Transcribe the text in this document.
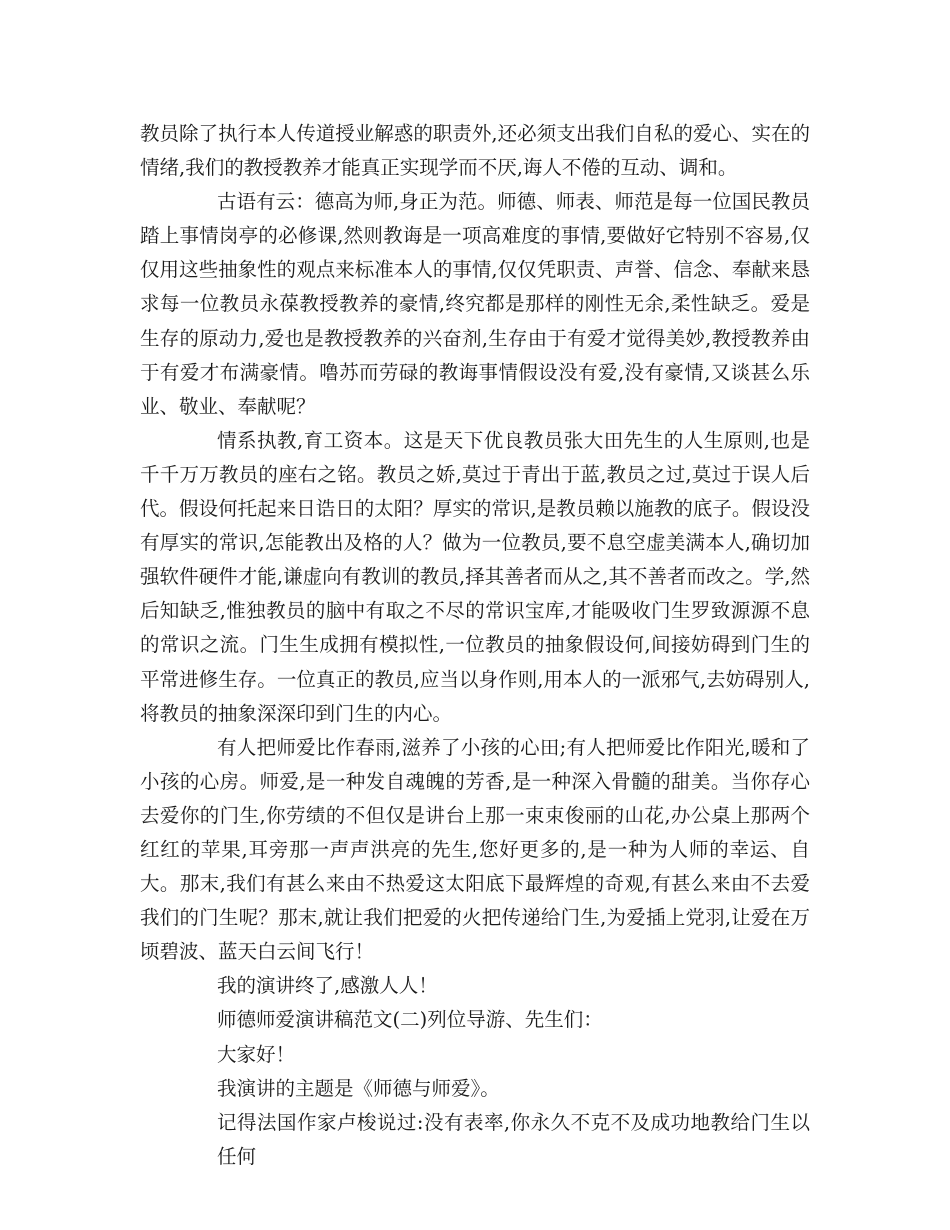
教员除了执行本人传道授业解惑的职责外,还必须支出我们自私的爱心、实在的情绪,我们的教授教养才能真正实现学而不厌,诲人不倦的互动、调和。

古语有云：德高为师,身正为范。师德、师表、师范是每一位国民教员踏上事情岗亭的必修课,然则教诲是一项高难度的事情,要做好它特别不容易,仅仅用这些抽象性的观点来标准本人的事情,仅仅凭职责、声誉、信念、奉献来恳求每一位教员永葆教授教养的豪情,终究都是那样的刚性无余,柔性缺乏。爱是生存的原动力,爱也是教授教养的兴奋剂,生存由于有爱才觉得美妙,教授教养由于有爱才布满豪情。噜苏而劳碌的教诲事情假设没有爱,没有豪情,又谈甚么乐业、敬业、奉献呢？

情系执教,育工资本。这是天下优良教员张大田先生的人生原则,也是千千万万教员的座右之铭。教员之娇,莫过于青出于蓝,教员之过,莫过于误人后代。假设何托起来日诰日的太阳？厚实的常识,是教员赖以施教的底子。假设没有厚实的常识,怎能教出及格的人？做为一位教员,要不息空虚美满本人,确切加强软件硬件才能,谦虚向有教训的教员,择其善者而从之,其不善者而改之。学,然后知缺乏,惟独教员的脑中有取之不尽的常识宝库,才能吸收门生罗致源源不息的常识之流。门生生成拥有模拟性,一位教员的抽象假设何,间接妨碍到门生的平常进修生存。一位真正的教员,应当以身作则,用本人的一派邪气,去妨碍别人,将教员的抽象深深印到门生的内心。

有人把师爱比作春雨,滋养了小孩的心田;有人把师爱比作阳光,暖和了小孩的心房。师爱,是一种发自魂魄的芳香,是一种深入骨髓的甜美。当你存心去爱你的门生,你劳绩的不但仅是讲台上那一束束俊丽的山花,办公桌上那两个红红的苹果,耳旁那一声声洪亮的先生,您好更多的,是一种为人师的幸运、自大。那末,我们有甚么来由不热爱这太阳底下最辉煌的奇观,有甚么来由不去爱我们的门生呢？那末,就让我们把爱的火把传递给门生,为爱插上党羽,让爱在万顷碧波、蓝天白云间飞行！

我的演讲终了,感激人人！

师德师爱演讲稿范文(二)列位导游、先生们：

大家好！

我演讲的主题是《师德与师爱》。

记得法国作家卢梭说过:没有表率,你永久不克不及成功地教给门生以任何
